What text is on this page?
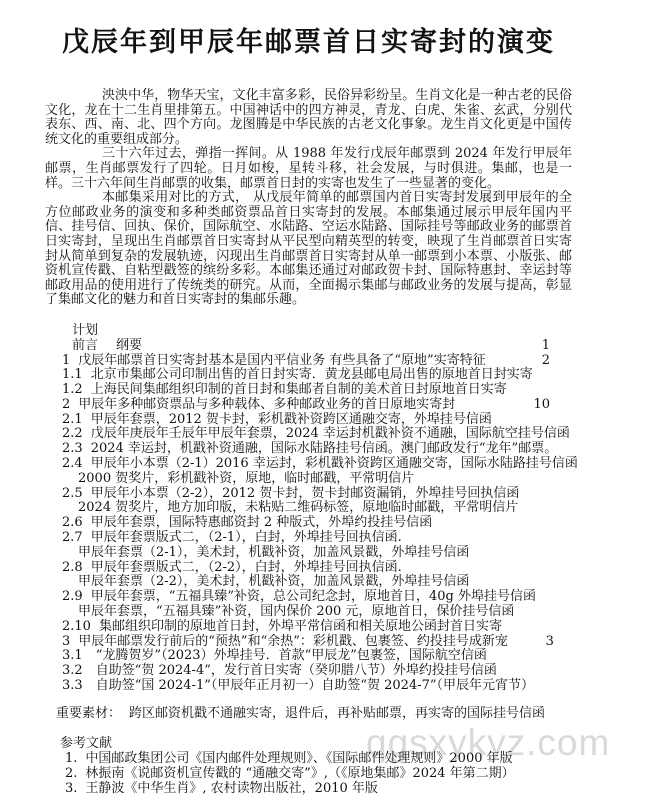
qgsxykyz.com
戊辰年到甲辰年邮票首日实寄封的演变

泱泱中华，物华天宝，文化丰富多彩，民俗异彩纷呈。生肖文化是一种古老的民俗文化，龙在十二生肖里排第五。中国神话中的四方神灵，青龙、白虎、朱雀、玄武，分别代表东、西、南、北、四个方向。龙图腾是中华民族的古老文化事象。龙生肖文化更是中国传统文化的重要组成部分。

三十六年过去，弹指一挥间。从 1988 年发行戊辰年邮票到 2024 年发行甲辰年邮票，生肖邮票发行了四轮。日月如梭，星转斗移，社会发展，与时俱进。集邮，也是一样。三十六年间生肖邮票的收集，邮票首日封的实寄也发生了一些显著的变化。

本邮集采用对比的方式， 从戊辰年简单的邮票国内首日实寄封发展到甲辰年的全方位邮政业务的演变和多种类邮资票品首日实寄封的发展。本邮集通过展示甲辰年国内平信、挂号信、回执、保价，国际航空、水陆路、空运水陆路、国际挂号等邮政业务的邮票首日实寄封，呈现出生肖邮票首日实寄封从平民型向精英型的转变，映现了生肖邮票首日实寄封从简单到复杂的发展轨迹，闪现出生肖邮票首日实寄封从单一邮票到小本票、小版张、邮资机宣传戳、自粘型戳签的缤纷多彩。本邮集还通过对邮政贺卡封、国际特惠封、幸运封等邮政用品的使用进行了传统类的研究。从而，全面揭示集邮与邮政业务的发展与提高，彰显了集邮文化的魅力和首日实寄封的集邮乐趣。

计划
前言 纲要	1
1 戊辰年邮票首日实寄封基本是国内平信业务 有些具备了“原地”实寄特征	2
1.1 北京市集邮公司印制出售的首日封实寄．黄龙县邮电局出售的原地首日封实寄
1.2 上海民间集邮组织印制的首日封和集邮者自制的美术首日封原地首日实寄
2 甲辰年多种邮资票品与多种载体、多种邮政业务的首日原地实寄封	10
2.1 甲辰年套票，2012 贺卡封，彩机戳补资跨区通融交寄，外埠挂号信函
2.2 戊辰年庚辰年壬辰年甲辰年套票，2024 幸运封机戳补资不通融，国际航空挂号信函
2.3 2024 幸运封，机戳补资通融，国际水陆路挂号信函。澳门邮政发行“龙年”邮票。
2.4 甲辰年小本票（2-1）2016 幸运封，彩机戳补资跨区通融交寄，国际水陆路挂号信函
2000 贺奖片，彩机戳补资，原地，临时邮戳，平常明信片
2.5 甲辰年小本票（2-2），2012 贺卡封，贺卡封邮资漏销，外埠挂号回执信函
2024 贺奖片，地方加印版，未粘贴二维码标签，原地临时邮戳，平常明信片
2.6 甲辰年套票，国际特惠邮资封 2 种版式，外埠约投挂号信函
2.7 甲辰年套票版式二，（2-1），白封，外埠挂号回执信函.
甲辰年套票（2-1），美术封，机戳补资，加盖风景戳，外埠挂号信函
2.8 甲辰年套票版式二，（2-2），白封，外埠挂号回执信函.
甲辰年套票（2-2），美术封，机戳补资，加盖风景戳，外埠挂号信函
2.9 甲辰年套票，“五福具臻”补资，总公司纪念封，原地首日，40g 外埠挂号信函
甲辰年套票，“五福具臻”补资，国内保价 200 元，原地首日，保价挂号信函
2.10 集邮组织印制的原地首日封，外埠平常信函和相关原地公函封首日实寄
3 甲辰年邮票发行前后的“预热”和“余热”：彩机戳、包裹签、约投挂号成新宠	3
3.1 “龙腾贺岁”（2023）外埠挂号．首款“甲辰龙”包裹签，国际航空信函
3.2 自助签“贺 2024-4”，发行首日实寄（癸卯腊八节）外埠约投挂号信函
3.3 自助签“国 2024-1”（甲辰年正月初一）自助签“贺 2024-7”（甲辰年元宵节）
重要素材： 跨区邮资机戳不通融实寄，退件后，再补贴邮票，再实寄的国际挂号信函
参考文献
1. 中国邮政集团公司《国内邮件处理规则》、《国际邮件处理规则》2000 年版
2. 林振南《说邮资机宣传戳的 “通融交寄”》,（《原地集邮》2024 年第二期）
3. 王静波《中华生肖》, 农村读物出版社，2010 年版
